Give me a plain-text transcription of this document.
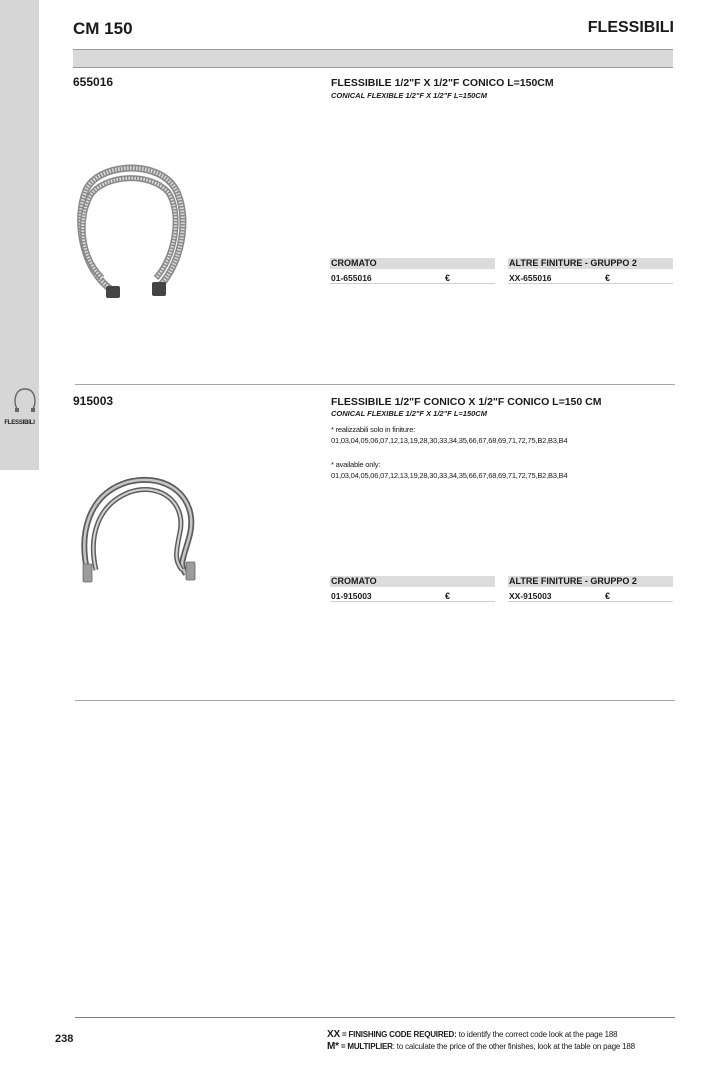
FLESSIBILI
CM 150	FLESSIBILI
655016	FLESSIBILE 1/2"F X 1/2"F CONICO L=150CM
CONICAL FLEXIBLE 1/2"F X 1/2"F L=150CM
CROMATO	ALTRE FINITURE - GRUPPO 2
01-655016	€	XX-655016	€
915003	FLESSIBILE 1/2"F CONICO X 1/2"F CONICO L=150 CM
CONICAL FLEXIBLE 1/2"F X 1/2"F L=150CM
* realizzabili solo in finiture:
01,03,04,05,06,07,12,13,19,28,30,33,34,35,66,67,68,69,71,72,75,B2,B3,B4
* available only:
01,03,04,05,06,07,12,13,19,28,30,33,34,35,66,67,68,69,71,72,75,B2,B3,B4
CROMATO	ALTRE FINITURE - GRUPPO 2
01-915003	€	XX-915003	€
238	XX = FINISHING CODE REQUIRED: to identify the correct code look at the page 188
M* = MULTIPLIER: to calculate the price of the other finishes, look at the table on page 188
